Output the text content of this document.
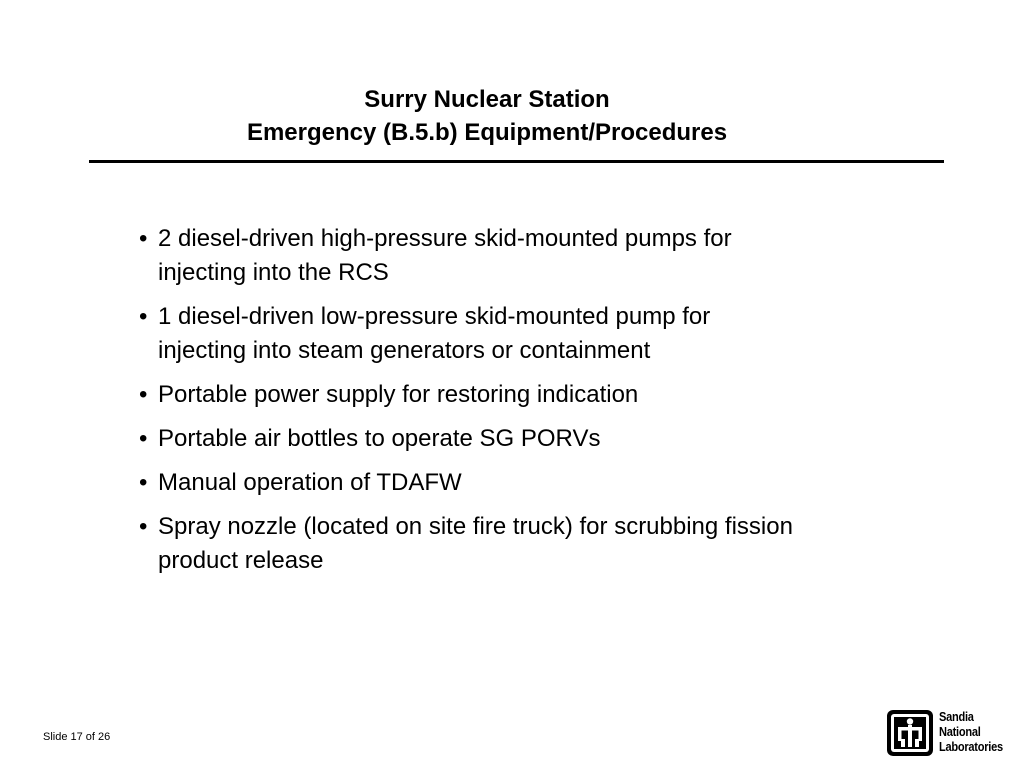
Surry Nuclear Station
Emergency (B.5.b) Equipment/Procedures
• 2 diesel-driven high-pressure skid-mounted pumps for
injecting into the RCS
• 1 diesel-driven low-pressure skid-mounted pump for
injecting into steam generators or containment
• Portable power supply for restoring indication
• Portable air bottles to operate SG PORVs
• Manual operation of TDAFW
• Spray nozzle (located on site fire truck) for scrubbing fission
product release
Slide 17 of 26
Sandia
National
Laboratories
